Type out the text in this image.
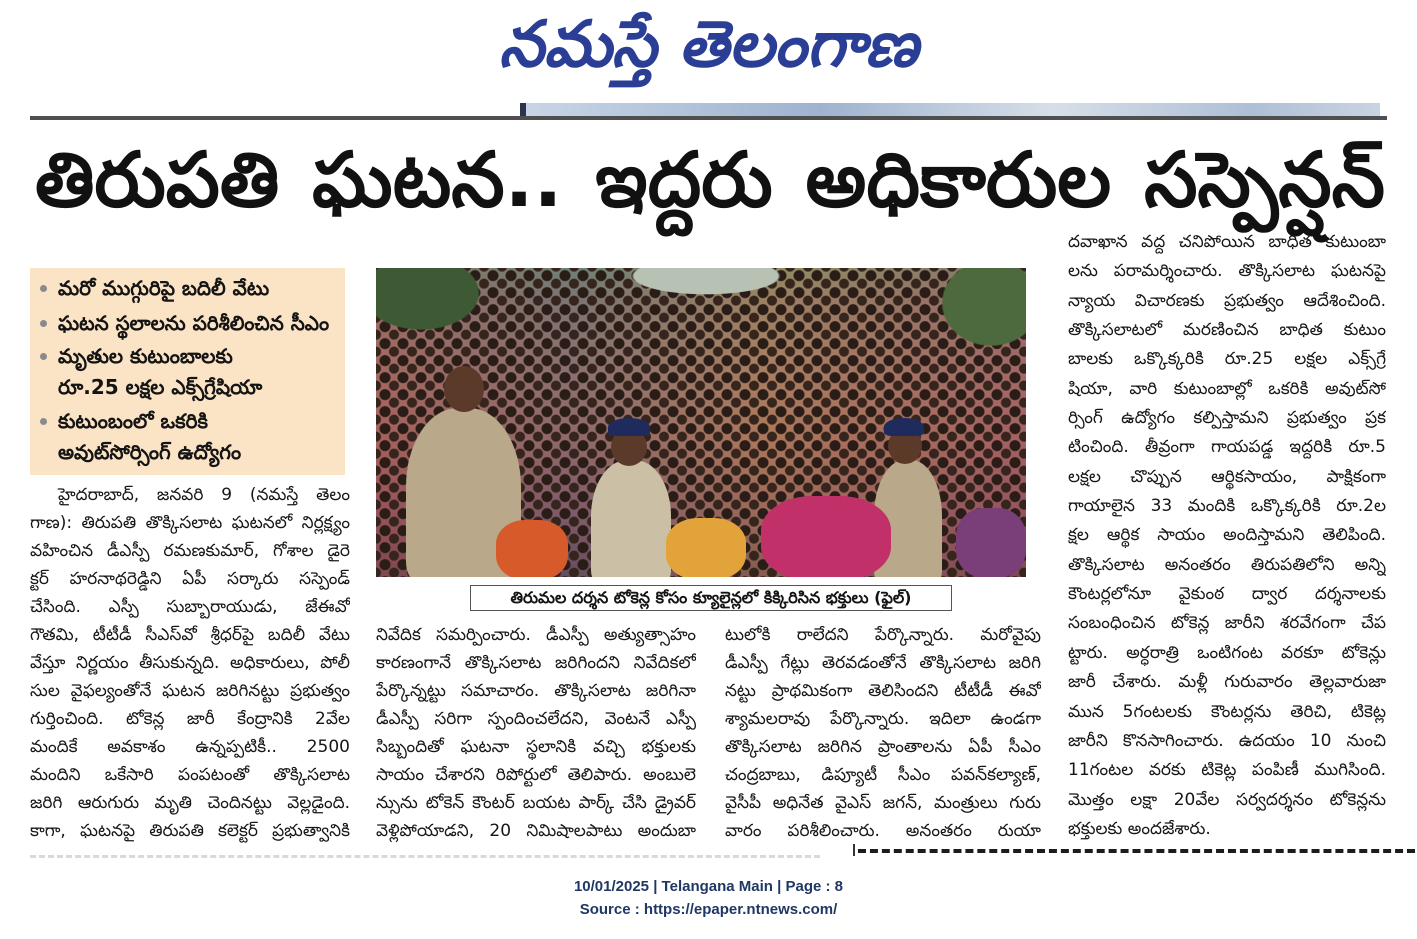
నమస్తే తెలంగాణ
తిరుపతి ఘటన.. ఇద్దరు అధికారుల సస్పెన్షన్
మరో ముగ్గురిపై బదిలీ వేటు
ఘటన స్థలాలను పరిశీలించిన సీఎం
మృతుల కుటుంబాలకు
రూ.25 లక్షల ఎక్స్‌గ్రేషియా
కుటుంబంలో ఒకరికి
అవుట్‌సోర్సింగ్ ఉద్యోగం
హైదరాబాద్, జనవరి 9 (నమస్తే తెలం
గాణ): తిరుపతి తొక్కిసలాట ఘటనలో నిర్లక్ష్యం
వహించిన డీఎస్పీ రమణకుమార్, గోశాల డైరె
క్టర్ హరనాథరెడ్డిని ఏపీ సర్కారు సస్పెండ్
చేసింది. ఎస్పీ సుబ్బారాయుడు, జేఈవో
గౌతమి, టీటీడీ సీఎస్‌వో శ్రీధర్‌పై బదిలీ వేటు
వేస్తూ నిర్ణయం తీసుకున్నది. అధికారులు, పోలీ
సుల వైఫల్యంతోనే ఘటన జరిగినట్టు ప్రభుత్వం
గుర్తించింది. టోకెన్ల జారీ కేంద్రానికి 2వేల
మందికే అవకాశం ఉన్నప్పటికీ.. 2500
మందిని ఒకేసారి పంపటంతో తొక్కిసలాట
జరిగి ఆరుగురు మృతి చెందినట్టు వెల్లడైంది.
కాగా, ఘటనపై తిరుపతి కలెక్టర్ ప్రభుత్వానికి
తిరుమల దర్శన టోకెన్ల కోసం క్యూలైన్లలో కిక్కిరిసిన భక్తులు (ఫైల్)
నివేదిక సమర్పించారు. డీఎస్పీ అత్యుత్సాహం
కారణంగానే తొక్కిసలాట జరిగిందని నివేదికలో
పేర్కొన్నట్టు సమాచారం. తొక్కిసలాట జరిగినా
డీఎస్పీ సరిగా స్పందించలేదని, వెంటనే ఎస్పీ
సిబ్బందితో ఘటనా స్థలానికి వచ్చి భక్తులకు
సాయం చేశారని రిపోర్టులో తెలిపారు. అంబులె
న్సును టోకెన్ కౌంటర్ బయట పార్క్ చేసి డ్రైవర్
వెళ్లిపోయాడని, 20 నిమిషాలపాటు అందుబా
టులోకి రాలేదని పేర్కొన్నారు. మరోవైపు
డీఎస్పీ గేట్లు తెరవడంతోనే తొక్కిసలాట జరిగి
నట్టు ప్రాథమికంగా తెలిసిందని టీటీడీ ఈవో
శ్యామలరావు పేర్కొన్నారు. ఇదిలా ఉండగా
తొక్కిసలాట జరిగిన ప్రాంతాలను ఏపీ సీఎం
చంద్రబాబు, డిప్యూటీ సీఎం పవన్‌కల్యాణ్,
వైసీపీ అధినేత వైఎస్ జగన్, మంత్రులు గురు
వారం పరిశీలించారు. అనంతరం రుయా
దవాఖాన వద్ద చనిపోయిన బాధిత కుటుంబా
లను పరామర్శించారు. తొక్కిసలాట ఘటనపై
న్యాయ విచారణకు ప్రభుత్వం ఆదేశించింది.
తొక్కిసలాటలో మరణించిన బాధిత కుటుం
బాలకు ఒక్కొక్కరికి రూ.25 లక్షల ఎక్స్‌గ్రే
షియా, వారి కుటుంబాల్లో ఒకరికి అవుట్‌సో
ర్సింగ్ ఉద్యోగం కల్పిస్తామని ప్రభుత్వం ప్రక
టించింది. తీవ్రంగా గాయపడ్డ ఇద్దరికి రూ.5
లక్షల చొప్పున ఆర్థికసాయం, పాక్షికంగా
గాయాలైన 33 మందికి ఒక్కొక్కరికి రూ.2ల
క్షల ఆర్థిక సాయం అందిస్తామని తెలిపింది.
తొక్కిసలాట అనంతరం తిరుపతిలోని అన్ని
కౌంటర్లలోనూ వైకుంఠ ద్వార దర్శనాలకు
సంబంధించిన టోకెన్ల జారీని శరవేగంగా చేప
ట్టారు. అర్ధరాత్రి ఒంటిగంట వరకూ టోకెన్లు
జారీ చేశారు. మళ్లీ గురువారం తెల్లవారుజా
మున 5గంటలకు కౌంటర్లను తెరిచి, టికెట్ల
జారీని కొనసాగించారు. ఉదయం 10 నుంచి
11గంటల వరకు టికెట్ల పంపిణీ ముగిసింది.
మొత్తం లక్షా 20వేల సర్వదర్శనం టోకెన్లను
భక్తులకు అందజేశారు.
10/01/2025 | Telangana Main | Page : 8
Source : https://epaper.ntnews.com/
